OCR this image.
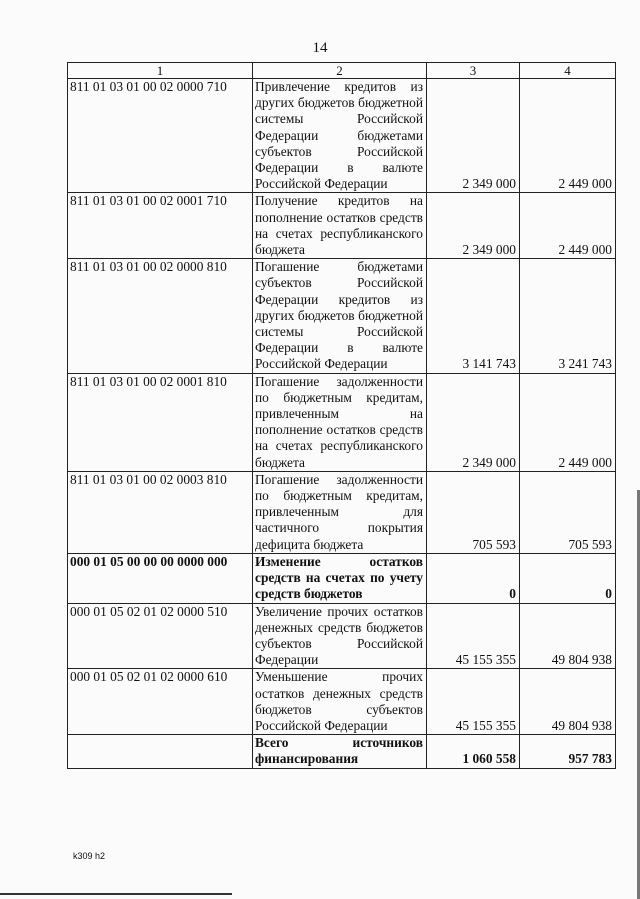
14
1	2	3	4
811 01 03 01 00 02 0000 710	Привлечение кредитов из других бюджетов бюджетной системы Российской Федерации бюджетами субъектов Российской Федерации в валюте Российской Федерации	2 349 000	2 449 000
811 01 03 01 00 02 0001 710	Получение кредитов на пополнение остатков средств на счетах республиканского бюджета	2 349 000	2 449 000
811 01 03 01 00 02 0000 810	Погашение бюджетами субъектов Российской Федерации кредитов из других бюджетов бюджетной системы Российской Федерации в валюте Российской Федерации	3 141 743	3 241 743
811 01 03 01 00 02 0001 810	Погашение задолженности по бюджетным кредитам, привлеченным на пополнение остатков средств на счетах республиканского бюджета	2 349 000	2 449 000
811 01 03 01 00 02 0003 810	Погашение задолженности по бюджетным кредитам, привлеченным для частичного покрытия дефицита бюджета	705 593	705 593
000 01 05 00 00 00 0000 000	Изменение остатков средств на счетах по учету средств бюджетов	0	0
000 01 05 02 01 02 0000 510	Увеличение прочих остатков денежных средств бюджетов субъектов Российской Федерации	45 155 355	49 804 938
000 01 05 02 01 02 0000 610	Уменьшение прочих остатков денежных средств бюджетов субъектов Российской Федерации	45 155 355	49 804 938
	Всего источников финансирования	1 060 558	957 783
k309 h2
